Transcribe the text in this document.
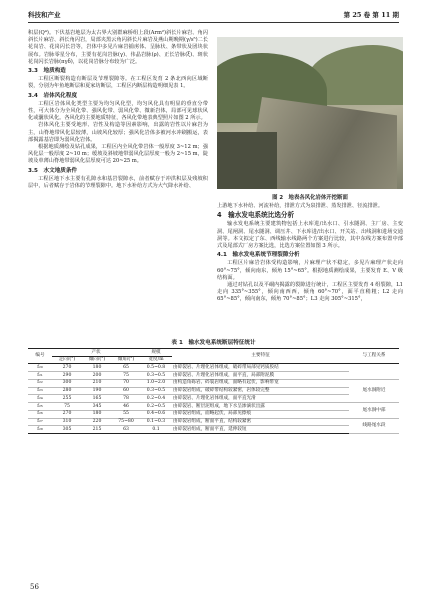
科技和产业	第 25 卷 第 11 期

积层(Q⁴)。下伏基岩地层为太古界大别群麻桥组上段(Arm²)斜长片麻岩、角闪斜长片麻岩、斜长角闪岩，局部夹黑云角闪斜长片麻岩及燕山期晚期(γ/s⁵)二长花岗岩、花岗闪长岩等，岩体中多见片麻岩捕虏体、呈脉状、条带状及团块状展布。岩脉零星分布，主要有花岗岩脉(γ)、伟晶岩脉(ρ)、正长岩脉(ξ)、斑状花岗闪长岩脉(πγδ)，以花岗岩脉分布较为广泛。

3.3　地质构造

工程区断裂构造有断层及节理裂隙等。在工程区发育 2 条北西向区域断裂，分别为年鱼地断层和夏家坊断层，工程区内断层构造明细见表 1。

3.4　岩体风化程度

工程区岩体风化类型主要为均匀风化型，均匀风化具有明显的垂直分带性，可大体分为全风化带、强风化带、弱风化带、微新岩体，局部可见球状风化或囊状风化。各风化的主要地质特征，各风化带地表典型照片如图 2 所示。

岩体风化主要受地形、岩性及构造等因素影响，出露的岩性以片麻岩为主，山脊地带风化层较薄，山坡风化较厚；强风化岩体多被河水冲刷搬运，表部揭露基岩即为弱风化岩体。

根据地质测绘及钻孔成果，工程区内全风化带岩体一般厚度 3~12 m；强风化层一般厚度 2~10 m；缓坡及斜坡地带弱风化层厚度一般为 2~15 m，陡坡及单薄山脊地带弱风化层厚度可达 20~25 m。

3.5　水文地质条件

工程区地下水主要有孔隙水和基岩裂隙水，前者赋存于冲洪积层及残坡积层中，后者赋存于岩体的节理裂隙中。地下水补给方式为大气降水补给、

图 2　地表各风化岩体开挖断面

上游地下水补给、河流补给，排泄方式为泉排泄、蒸发排泄、径流排泄。

4　输水发电系统比选分析

输水发电系统主要建筑物包括上水库进/出水口、引水隧洞、主厂房、主变洞、尾闸洞、尾水隧洞、调压井、下水库进/出水口、开关站、出线洞和进场交通洞等。本文拟定了东、西线输水线路两个方案进行比较，其中东线方案布置中部式及尾部式厂房方案比选，比选方案位置如图 3 所示。

4.1　输水发电系统节理裂隙分析

工程区片麻岩岩体受构造影响，片麻理产状不稳定，多见片麻理产状走向 60°~75°，倾向南东，倾角 15°~65°。根据地质测绘成果，主要发育 E、V 级结构面。

通过对钻孔以及平硐内揭露的裂隙进行统计，工程区主要发育 4 组裂隙，L1 走向 335°~355°，倾向南西西，倾角 60°~70°，面平直稍粗；L2 走向 65°~85°，倾向南东，倾角 70°~85°；L3 走向 305°~315°，

表 1　输水发电系统断层特征统计
编号	产状			规模	主要特征	与工程关系
	走向/(°)	倾向/(°)	倾角/(°)	宽度/m		
f₂₀	270	180	65	0.5~0.8	由碎裂岩、片理化岩体组成，破碎带局部见钙质胶结	
f₂₁	290	200	75	0.3~0.5	由碎裂岩、片理化岩体组成，面平直，局部附泥膜	
f₂₂	300	210	70	1.0~2.0	由构造角砾岩、碎裂岩组成，面略有起伏，影响带宽	尾水洞附近
f₂₃	280	190	60	0.3~0.5	由碎裂岩组成，破碎带结构较紧密，岩体较完整	
f₂₄	255	165	78	0.2~0.4	由碎裂岩、片理化岩体组成，面平直光滑	
f₂₅	75	345	46	0.2~0.5	由碎裂岩、断层泥组成，地下水呈渗滴状出露	尾水洞中部
f₂₆	270	180	55	0.4~0.6	由碎裂岩组成，面略起伏，局部见擦痕	
f₂₇	310	220	75~80	0.1~0.3	由碎裂岩组成，断面平直，结构较紧密	线路尾水段
f₂₈	305	215	63	0.1	由碎裂岩组成，断面平直，延伸较短	
56
